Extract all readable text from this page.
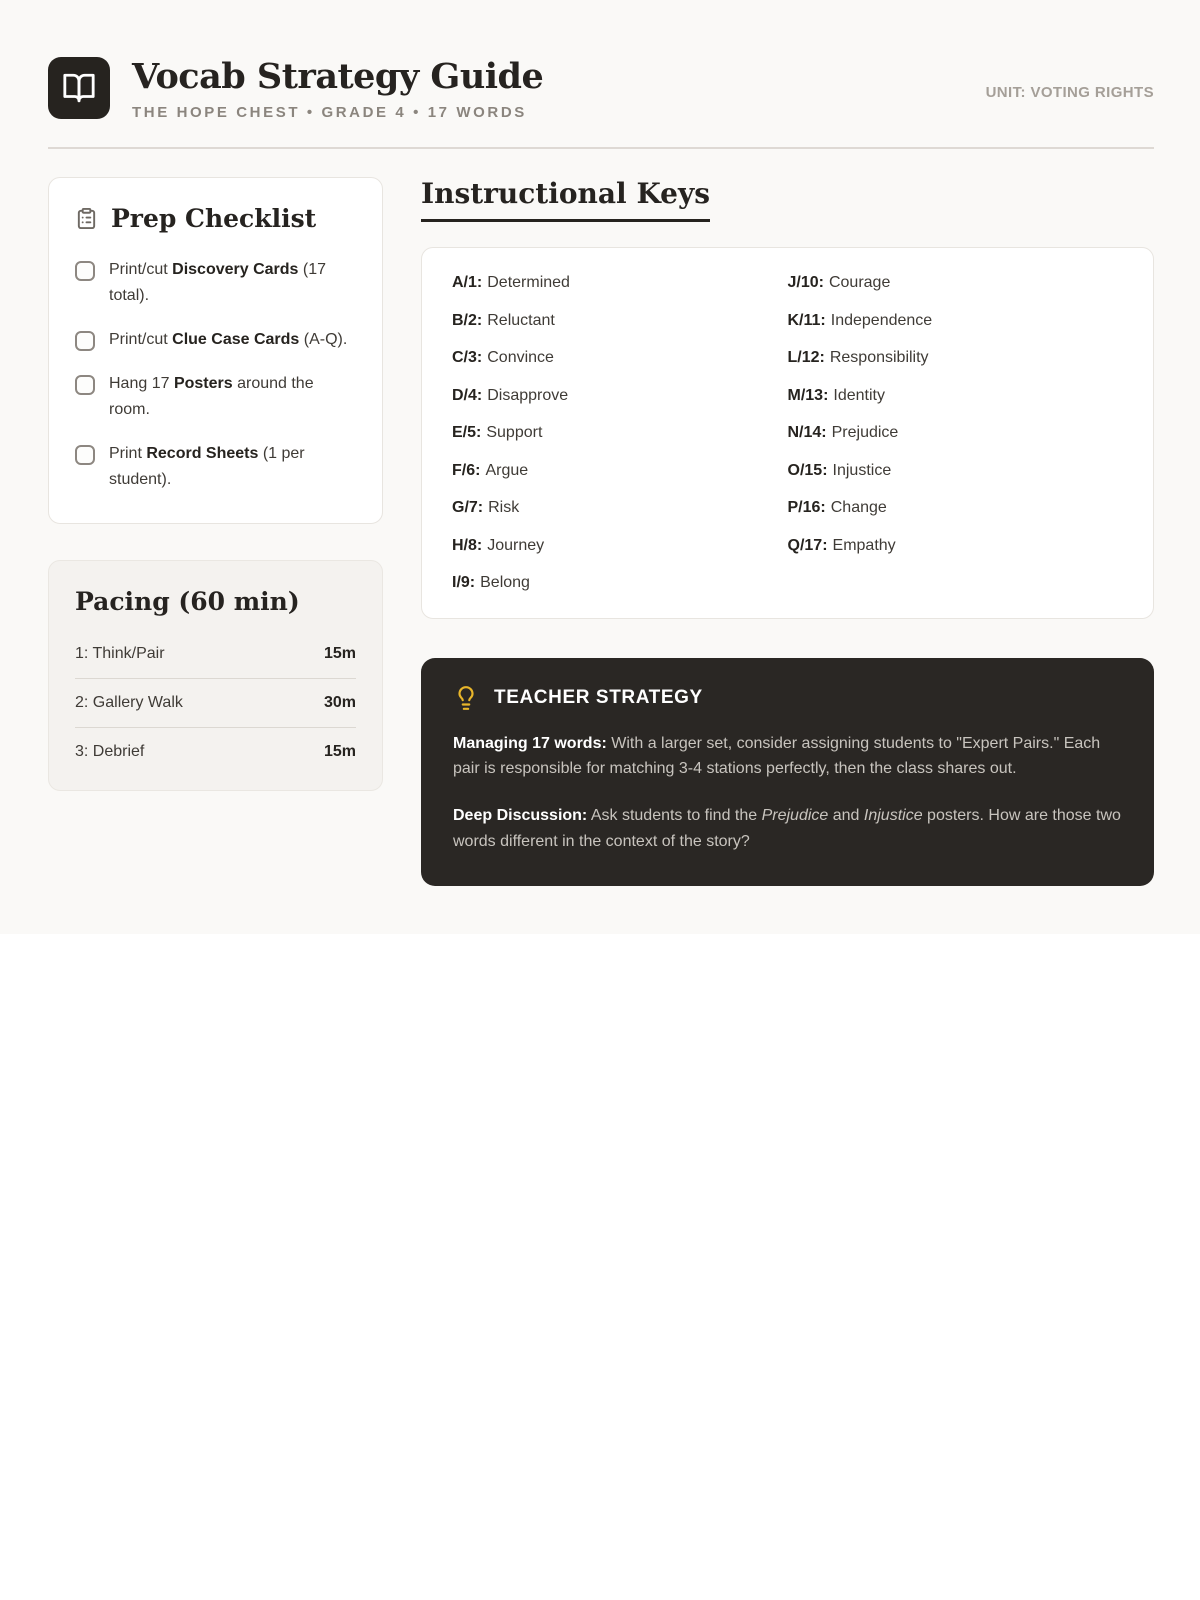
Vocab Strategy Guide
THE HOPE CHEST • GRADE 4 • 17 WORDS
UNIT: VOTING RIGHTS
Prep Checklist
Print/cut Discovery Cards (17 total).
Print/cut Clue Case Cards (A-Q).
Hang 17 Posters around the room.
Print Record Sheets (1 per student).
Pacing (60 min)
1: Think/Pair	15m
2: Gallery Walk	30m
3: Debrief	15m
Instructional Keys
A/1: Determined
B/2: Reluctant
C/3: Convince
D/4: Disapprove
E/5: Support
F/6: Argue
G/7: Risk
H/8: Journey
I/9: Belong
J/10: Courage
K/11: Independence
L/12: Responsibility
M/13: Identity
N/14: Prejudice
O/15: Injustice
P/16: Change
Q/17: Empathy
TEACHER STRATEGY

Managing 17 words: With a larger set, consider assigning students to "Expert Pairs." Each pair is responsible for matching 3-4 stations perfectly, then the class shares out.

Deep Discussion: Ask students to find the Prejudice and Injustice posters. How are those two words different in the context of the story?
